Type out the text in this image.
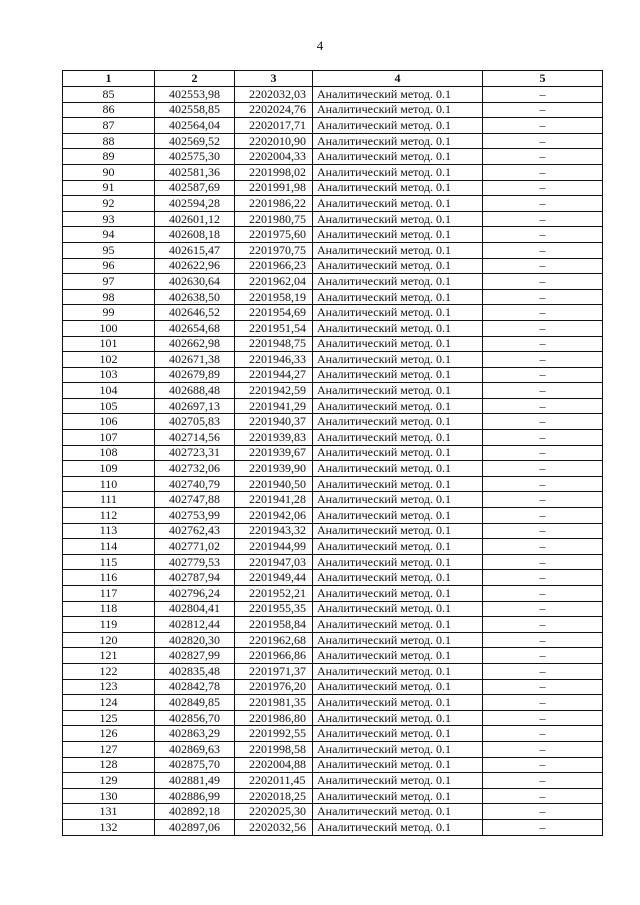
4
1	2	3	4	5
85	402553,98	2202032,03	Аналитический метод. 0.1	–
86	402558,85	2202024,76	Аналитический метод. 0.1	–
87	402564,04	2202017,71	Аналитический метод. 0.1	–
88	402569,52	2202010,90	Аналитический метод. 0.1	–
89	402575,30	2202004,33	Аналитический метод. 0.1	–
90	402581,36	2201998,02	Аналитический метод. 0.1	–
91	402587,69	2201991,98	Аналитический метод. 0.1	–
92	402594,28	2201986,22	Аналитический метод. 0.1	–
93	402601,12	2201980,75	Аналитический метод. 0.1	–
94	402608,18	2201975,60	Аналитический метод. 0.1	–
95	402615,47	2201970,75	Аналитический метод. 0.1	–
96	402622,96	2201966,23	Аналитический метод. 0.1	–
97	402630,64	2201962,04	Аналитический метод. 0.1	–
98	402638,50	2201958,19	Аналитический метод. 0.1	–
99	402646,52	2201954,69	Аналитический метод. 0.1	–
100	402654,68	2201951,54	Аналитический метод. 0.1	–
101	402662,98	2201948,75	Аналитический метод. 0.1	–
102	402671,38	2201946,33	Аналитический метод. 0.1	–
103	402679,89	2201944,27	Аналитический метод. 0.1	–
104	402688,48	2201942,59	Аналитический метод. 0.1	–
105	402697,13	2201941,29	Аналитический метод. 0.1	–
106	402705,83	2201940,37	Аналитический метод. 0.1	–
107	402714,56	2201939,83	Аналитический метод. 0.1	–
108	402723,31	2201939,67	Аналитический метод. 0.1	–
109	402732,06	2201939,90	Аналитический метод. 0.1	–
110	402740,79	2201940,50	Аналитический метод. 0.1	–
111	402747,88	2201941,28	Аналитический метод. 0.1	–
112	402753,99	2201942,06	Аналитический метод. 0.1	–
113	402762,43	2201943,32	Аналитический метод. 0.1	–
114	402771,02	2201944,99	Аналитический метод. 0.1	–
115	402779,53	2201947,03	Аналитический метод. 0.1	–
116	402787,94	2201949,44	Аналитический метод. 0.1	–
117	402796,24	2201952,21	Аналитический метод. 0.1	–
118	402804,41	2201955,35	Аналитический метод. 0.1	–
119	402812,44	2201958,84	Аналитический метод. 0.1	–
120	402820,30	2201962,68	Аналитический метод. 0.1	–
121	402827,99	2201966,86	Аналитический метод. 0.1	–
122	402835,48	2201971,37	Аналитический метод. 0.1	–
123	402842,78	2201976,20	Аналитический метод. 0.1	–
124	402849,85	2201981,35	Аналитический метод. 0.1	–
125	402856,70	2201986,80	Аналитический метод. 0.1	–
126	402863,29	2201992,55	Аналитический метод. 0.1	–
127	402869,63	2201998,58	Аналитический метод. 0.1	–
128	402875,70	2202004,88	Аналитический метод. 0.1	–
129	402881,49	2202011,45	Аналитический метод. 0.1	–
130	402886,99	2202018,25	Аналитический метод. 0.1	–
131	402892,18	2202025,30	Аналитический метод. 0.1	–
132	402897,06	2202032,56	Аналитический метод. 0.1	–
